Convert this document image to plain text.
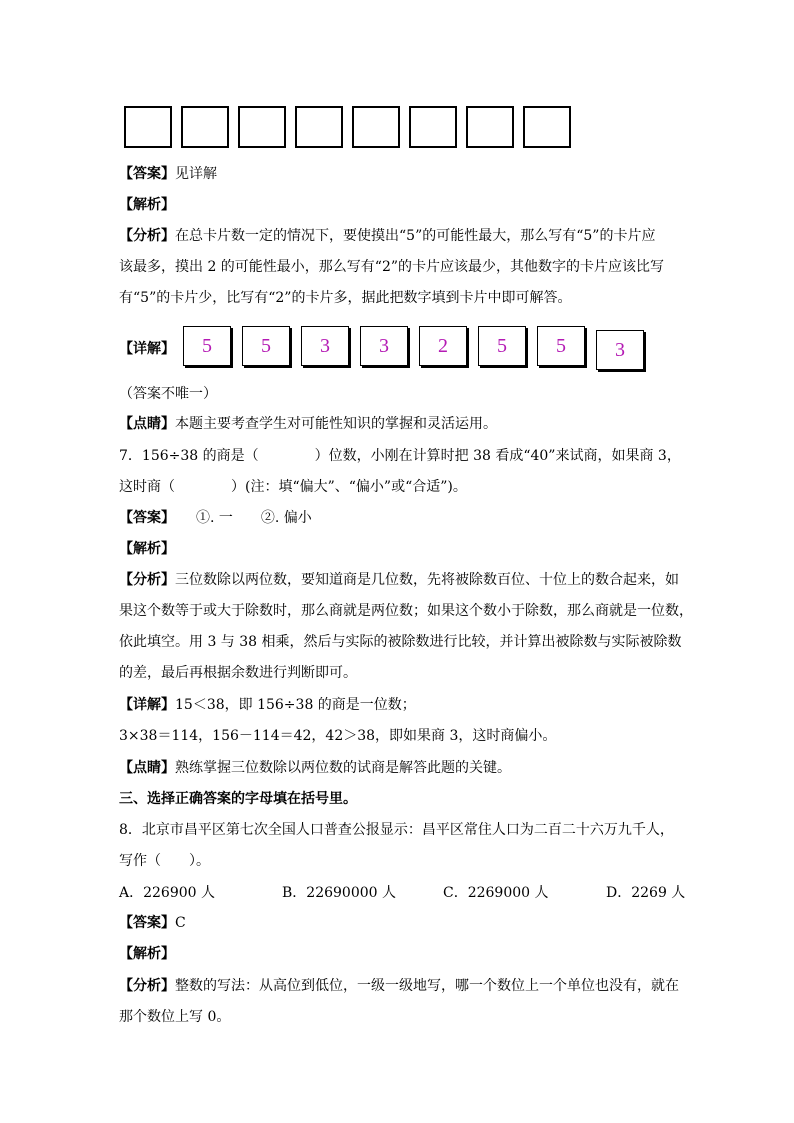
【答案】见详解
【解析】
【分析】在总卡片数一定的情况下，要使摸出“5”的可能性最大，那么写有“5”的卡片应
该最多，摸出 2 的可能性最小，那么写有“2”的卡片应该最少，其他数字的卡片应该比写
有“5”的卡片少，比写有“2”的卡片多，据此把数字填到卡片中即可解答。
【详解】	5	5	3	3	2	5	5	3
（答案不唯一）
【点睛】本题主要考查学生对可能性知识的掌握和灵活运用。
7．156÷38 的商是（　　　　）位数，小刚在计算时把 38 看成“40”来试商，如果商 3，
这时商（　　　　）(注：填“偏大”、“偏小”或“合适”)。
【答案】　　①. 一　　②. 偏小
【解析】
【分析】三位数除以两位数，要知道商是几位数，先将被除数百位、十位上的数合起来，如
果这个数等于或大于除数时，那么商就是两位数；如果这个数小于除数，那么商就是一位数，
依此填空。用 3 与 38 相乘，然后与实际的被除数进行比较，并计算出被除数与实际被除数
的差，最后再根据余数进行判断即可。
【详解】15＜38，即 156÷38 的商是一位数；
3×38＝114，156－114＝42，42＞38，即如果商 3，这时商偏小。
【点睛】熟练掌握三位数除以两位数的试商是解答此题的关键。
三、选择正确答案的字母填在括号里。
8．北京市昌平区第七次全国人口普查公报显示：昌平区常住人口为二百二十六万九千人，
写作（　　）。
A．226900 人	B．22690000 人	C．2269000 人	D．2269 人
【答案】C
【解析】
【分析】整数的写法：从高位到低位，一级一级地写，哪一个数位上一个单位也没有，就在
那个数位上写 0。
